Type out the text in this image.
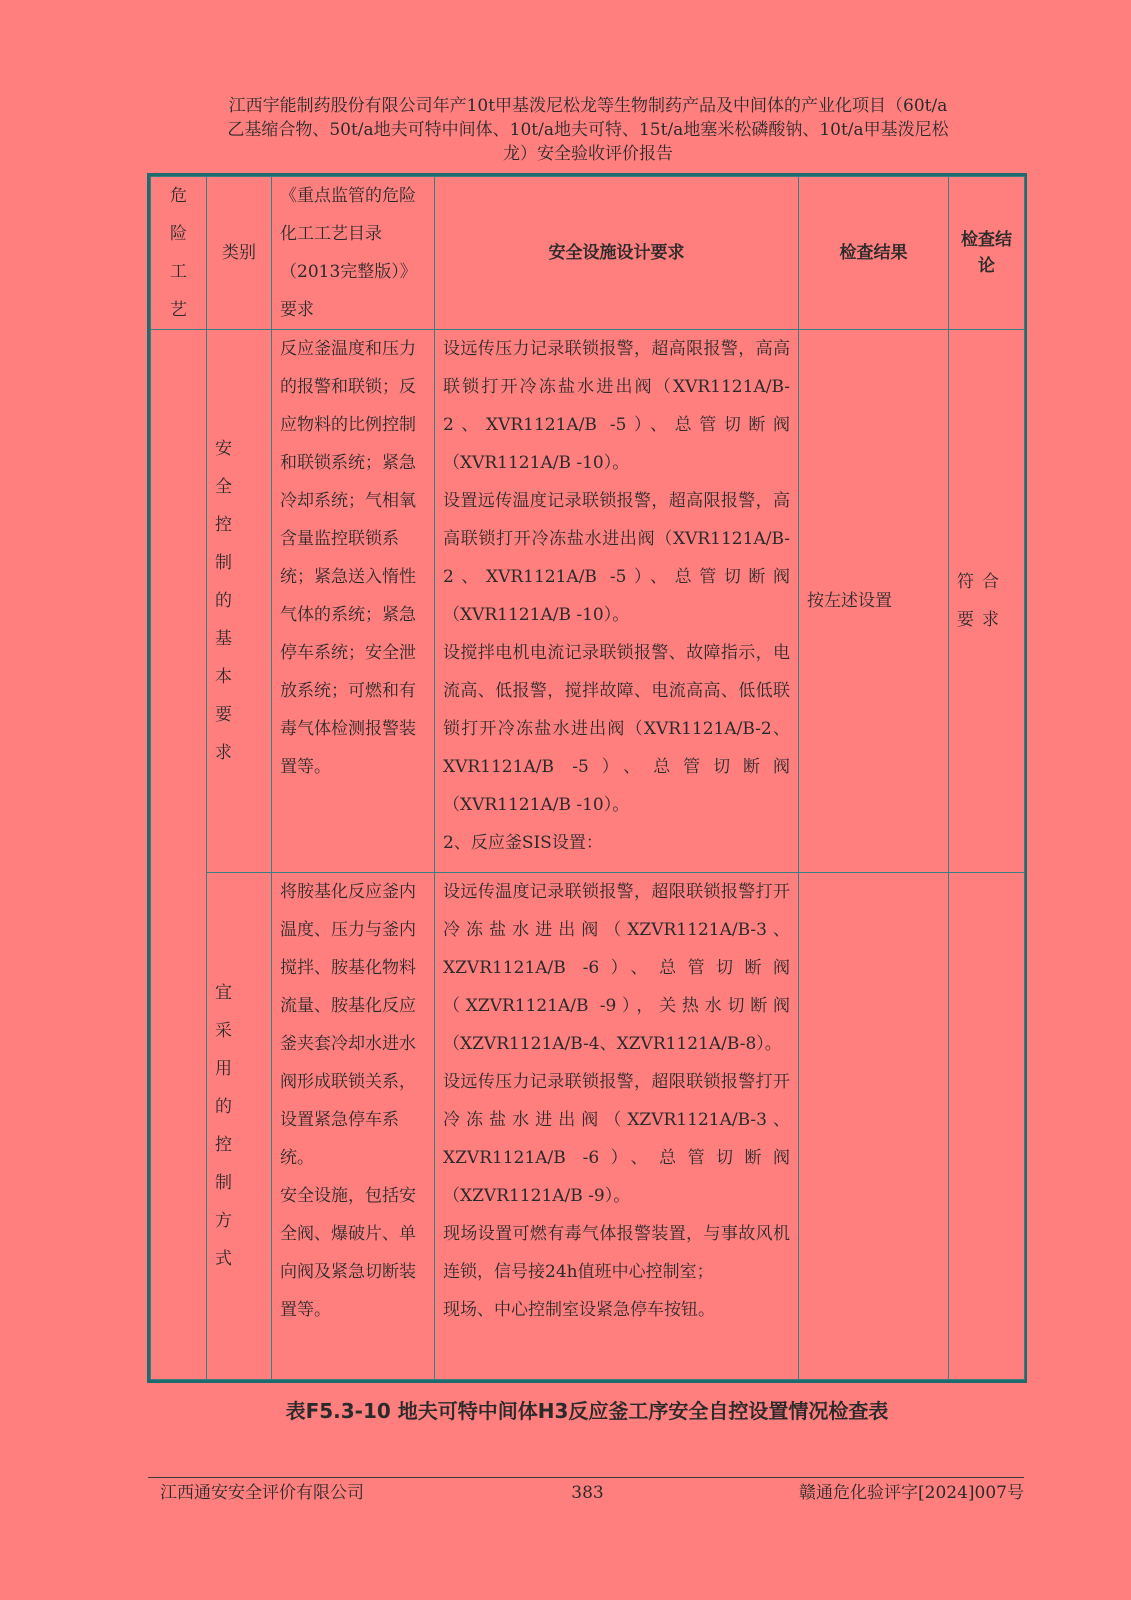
江西宇能制药股份有限公司年产10t甲基泼尼松龙等生物制药产品及中间体的产业化项目（60t/a
乙基缩合物、50t/a地夫可特中间体、10t/a地夫可特、15t/a地塞米松磷酸钠、10t/a甲基泼尼松
龙）安全验收评价报告
危险工艺	类别	《重点监管的危险化工工艺目录（2013完整版）》要求	安全设施设计要求	检查结果	检查结论

	安全控制的基本要求	反应釜温度和压力的报警和联锁；反应物料的比例控制和联锁系统；紧急冷却系统；气相氧含量监控联锁系统；紧急送入惰性气体的系统；紧急停车系统；安全泄放系统；可燃和有毒气体检测报警装置等。	设远传压力记录联锁报警，超高限报警，高高联锁打开冷冻盐水进出阀（XVR1121A/B-2、XVR1121A/B -5）、总管切断阀（XVR1121A/B -10）。
设置远传温度记录联锁报警，超高限报警，高高联锁打开冷冻盐水进出阀（XVR1121A/B-2、XVR1121A/B -5）、总管切断阀（XVR1121A/B -10）。
设搅拌电机电流记录联锁报警、故障指示，电流高、低报警，搅拌故障、电流高高、低低联锁打开冷冻盐水进出阀（XVR1121A/B-2、XVR1121A/B -5）、总管切断阀（XVR1121A/B -10）。
2、反应釜SIS设置：	按左述设置	符合要求

	宜采用的控制方式	将胺基化反应釜内温度、压力与釜内搅拌、胺基化物料流量、胺基化反应釜夹套冷却水进水阀形成联锁关系，设置紧急停车系统。
安全设施，包括安全阀、爆破片、单向阀及紧急切断装置等。	设远传温度记录联锁报警，超限联锁报警打开冷冻盐水进出阀（XZVR1121A/B-3、XZVR1121A/B -6）、总管切断阀（XZVR1121A/B -9），关热水切断阀（XZVR1121A/B-4、XZVR1121A/B-8）。
设远传压力记录联锁报警，超限联锁报警打开冷冻盐水进出阀（XZVR1121A/B-3、XZVR1121A/B -6）、总管切断阀（XZVR1121A/B -9）。
现场设置可燃有毒气体报警装置，与事故风机连锁，信号接24h值班中心控制室；
现场、中心控制室设紧急停车按钮。		

表F5.3-10 地夫可特中间体H3反应釜工序安全自控设置情况检查表
江西通安安全评价有限公司	383	赣通危化验评字[2024]007号
